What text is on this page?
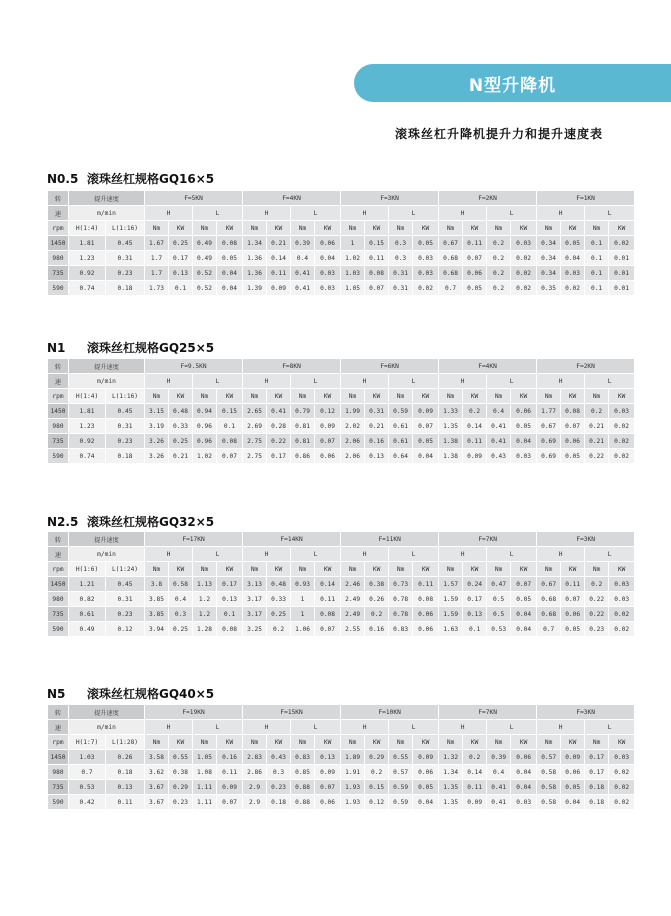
N型升降机
滚珠丝杠升降机提升力和提升速度表
N0.5 滚珠丝杠规格GQ16×5
转	提升速度		F=5KN				F=4KN				F=3KN				F=2KN				F=1KN			
速	m/min		H		L		H		L		H		L		H		L		H		L	
rpm	H(1:4)	L(1:16)	Nm	KW	Nm	KW	Nm	KW	Nm	KW	Nm	KW	Nm	KW	Nm	KW	Nm	KW	Nm	KW	Nm	KW
1450	1.81	0.45	1.67	0.25	0.49	0.08	1.34	0.21	0.39	0.06	1	0.15	0.3	0.05	0.67	0.11	0.2	0.03	0.34	0.05	0.1	0.02
980	1.23	0.31	1.7	0.17	0.49	0.05	1.36	0.14	0.4	0.04	1.02	0.11	0.3	0.03	0.68	0.07	0.2	0.02	0.34	0.04	0.1	0.01
735	0.92	0.23	1.7	0.13	0.52	0.04	1.36	0.11	0.41	0.03	1.03	0.08	0.31	0.03	0.68	0.06	0.2	0.02	0.34	0.03	0.1	0.01
590	0.74	0.18	1.73	0.1	0.52	0.04	1.39	0.09	0.41	0.03	1.05	0.07	0.31	0.02	0.7	0.05	0.2	0.02	0.35	0.02	0.1	0.01
N1 滚珠丝杠规格GQ25×5
转	提升速度		F=9.5KN				F=8KN				F=6KN				F=4KN				F=2KN			
速	m/min		H		L		H		L		H		L		H		L		H		L	
rpm	H(1:4)	L(1:16)	Nm	KW	Nm	KW	Nm	KW	Nm	KW	Nm	KW	Nm	KW	Nm	KW	Nm	KW	Nm	KW	Nm	KW
1450	1.81	0.45	3.15	0.48	0.94	0.15	2.65	0.41	0.79	0.12	1.99	0.31	0.59	0.09	1.33	0.2	0.4	0.06	1.77	0.08	0.2	0.03
980	1.23	0.31	3.19	0.33	0.96	0.1	2.69	0.28	0.81	0.09	2.02	0.21	0.61	0.07	1.35	0.14	0.41	0.05	0.67	0.07	0.21	0.02
735	0.92	0.23	3.26	0.25	0.96	0.08	2.75	0.22	0.81	0.07	2.06	0.16	0.61	0.05	1.38	0.11	0.41	0.04	0.69	0.06	0.21	0.02
590	0.74	0.18	3.26	0.21	1.02	0.07	2.75	0.17	0.86	0.06	2.06	0.13	0.64	0.04	1.38	0.09	0.43	0.03	0.69	0.05	0.22	0.02
N2.5 滚珠丝杠规格GQ32×5
转	提升速度		F=17KN				F=14KN				F=11KN				F=7KN				F=3KN			
速	m/min		H		L		H		L		H		L		H		L		H		L	
rpm	H(1:6)	L(1:24)	Nm	KW	Nm	KW	Nm	KW	Nm	KW	Nm	KW	Nm	KW	Nm	KW	Nm	KW	Nm	KW	Nm	KW
1450	1.21	0.45	3.8	0.58	1.13	0.17	3.13	0.48	0.93	0.14	2.46	0.38	0.73	0.11	1.57	0.24	0.47	0.07	0.67	0.11	0.2	0.03
980	0.82	0.31	3.85	0.4	1.2	0.13	3.17	0.33	1	0.11	2.49	0.26	0.78	0.08	1.59	0.17	0.5	0.05	0.68	0.07	0.22	0.03
735	0.61	0.23	3.85	0.3	1.2	0.1	3.17	0.25	1	0.08	2.49	0.2	0.78	0.06	1.59	0.13	0.5	0.04	0.68	0.06	0.22	0.02
590	0.49	0.12	3.94	0.25	1.28	0.08	3.25	0.2	1.06	0.07	2.55	0.16	0.83	0.06	1.63	0.1	0.53	0.04	0.7	0.05	0.23	0.02
N5 滚珠丝杠规格GQ40×5
转	提升速度		F=19KN				F=15KN				F=10KN				F=7KN				F=3KN			
速	m/min		H		L		H		L		H		L		H		L		H		L	
rpm	H(1:7)	L(1:28)	Nm	KW	Nm	KW	Nm	KW	Nm	KW	Nm	KW	Nm	KW	Nm	KW	Nm	KW	Nm	KW	Nm	KW
1450	1.03	0.26	3.58	0.55	1.05	0.16	2.83	0.43	0.83	0.13	1.89	0.29	0.55	0.09	1.32	0.2	0.39	0.06	0.57	0.09	0.17	0.03
980	0.7	0.18	3.62	0.38	1.08	0.11	2.86	0.3	0.85	0.09	1.91	0.2	0.57	0.06	1.34	0.14	0.4	0.04	0.58	0.06	0.17	0.02
735	0.53	0.13	3.67	0.29	1.11	0.09	2.9	0.23	0.88	0.07	1.93	0.15	0.59	0.05	1.35	0.11	0.41	0.04	0.58	0.05	0.18	0.02
590	0.42	0.11	3.67	0.23	1.11	0.07	2.9	0.18	0.88	0.06	1.93	0.12	0.59	0.04	1.35	0.09	0.41	0.03	0.58	0.04	0.18	0.02
